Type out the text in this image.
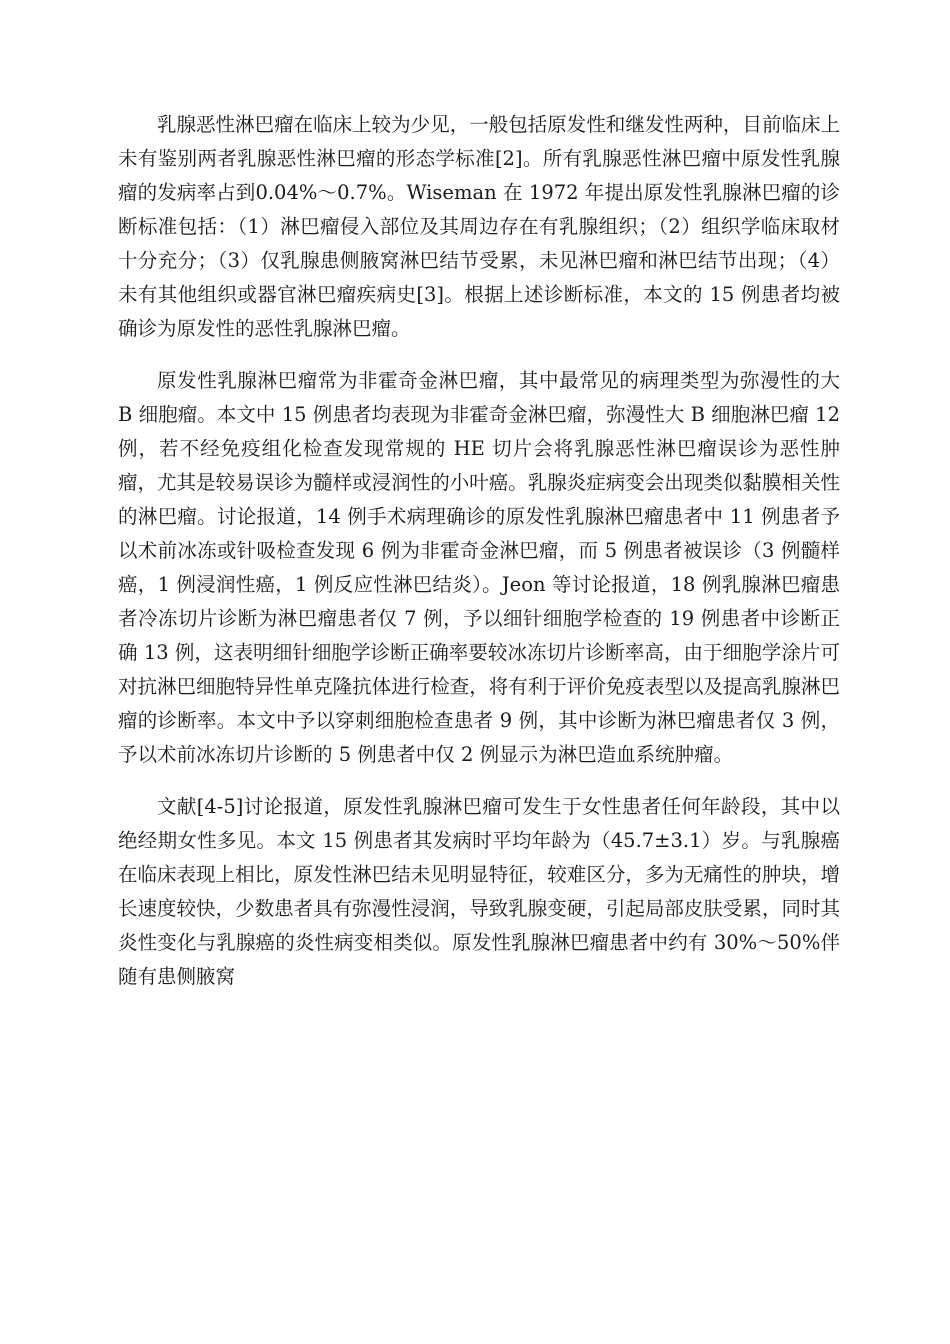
乳腺恶性淋巴瘤在临床上较为少见，一般包括原发性和继发性两种，目前临床上未有鉴别两者乳腺恶性淋巴瘤的形态学标准[2]。所有乳腺恶性淋巴瘤中原发性乳腺瘤的发病率占到0.04%～0.7%。Wiseman 在 1972 年提出原发性乳腺淋巴瘤的诊断标准包括：（1）淋巴瘤侵入部位及其周边存在有乳腺组织；（2）组织学临床取材十分充分；（3）仅乳腺患侧腋窝淋巴结节受累，未见淋巴瘤和淋巴结节出现；（4）未有其他组织或器官淋巴瘤疾病史[3]。根据上述诊断标准，本文的 15 例患者均被确诊为原发性的恶性乳腺淋巴瘤。

原发性乳腺淋巴瘤常为非霍奇金淋巴瘤，其中最常见的病理类型为弥漫性的大 B 细胞瘤。本文中 15 例患者均表现为非霍奇金淋巴瘤，弥漫性大 B 细胞淋巴瘤 12 例，若不经免疫组化检查发现常规的 HE 切片会将乳腺恶性淋巴瘤误诊为恶性肿瘤，尤其是较易误诊为髓样或浸润性的小叶癌。乳腺炎症病变会出现类似黏膜相关性的淋巴瘤。讨论报道，14 例手术病理确诊的原发性乳腺淋巴瘤患者中 11 例患者予以术前冰冻或针吸检查发现 6 例为非霍奇金淋巴瘤，而 5 例患者被误诊（3 例髓样癌，1 例浸润性癌，1 例反应性淋巴结炎）。Jeon 等讨论报道，18 例乳腺淋巴瘤患者冷冻切片诊断为淋巴瘤患者仅 7 例，予以细针细胞学检查的 19 例患者中诊断正确 13 例，这表明细针细胞学诊断正确率要较冰冻切片诊断率高，由于细胞学涂片可对抗淋巴细胞特异性单克隆抗体进行检查，将有利于评价免疫表型以及提高乳腺淋巴瘤的诊断率。本文中予以穿刺细胞检查患者 9 例，其中诊断为淋巴瘤患者仅 3 例，予以术前冰冻切片诊断的 5 例患者中仅 2 例显示为淋巴造血系统肿瘤。

文献[4-5]讨论报道，原发性乳腺淋巴瘤可发生于女性患者任何年龄段，其中以绝经期女性多见。本文 15 例患者其发病时平均年龄为（45.7±3.1）岁。与乳腺癌在临床表现上相比，原发性淋巴结未见明显特征，较难区分，多为无痛性的肿块，增长速度较快，少数患者具有弥漫性浸润，导致乳腺变硬，引起局部皮肤受累，同时其炎性变化与乳腺癌的炎性病变相类似。原发性乳腺淋巴瘤患者中约有 30%～50%伴随有患侧腋窝
